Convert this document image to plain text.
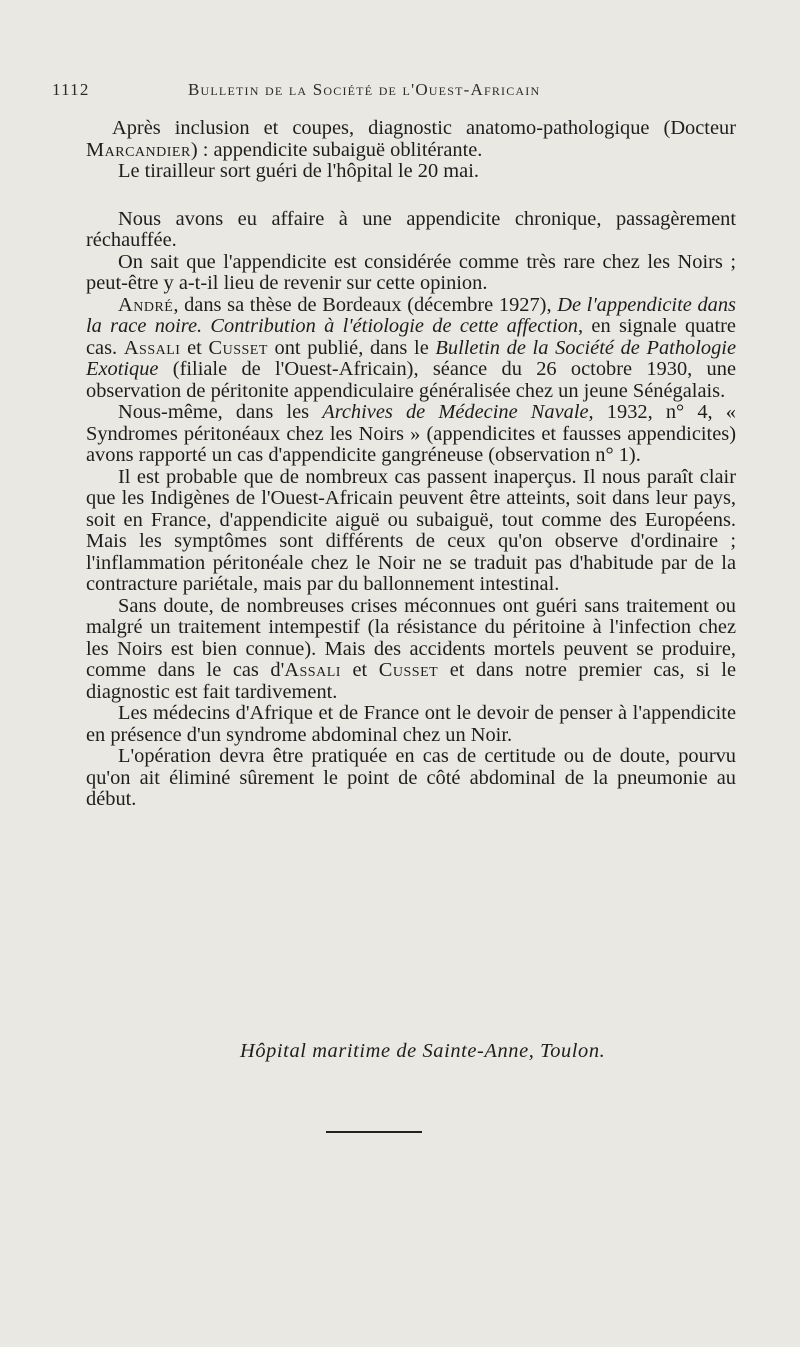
1112	Bulletin de la Société de l'Ouest-Africain

Après inclusion et coupes, diagnostic anatomo-pathologique (Docteur Marcandier) : appendicite subaiguë oblitérante.

Le tirailleur sort guéri de l'hôpital le 20 mai.

Nous avons eu affaire à une appendicite chronique, passagèrement réchauffée.

On sait que l'appendicite est considérée comme très rare chez les Noirs ; peut-être y a-t-il lieu de revenir sur cette opinion.

André, dans sa thèse de Bordeaux (décembre 1927), De l'appendicite dans la race noire. Contribution à l'étiologie de cette affection, en signale quatre cas. Assali et Cusset ont publié, dans le Bulletin de la Société de Pathologie Exotique (filiale de l'Ouest-Africain), séance du 26 octobre 1930, une observation de péritonite appendiculaire généralisée chez un jeune Sénégalais.

Nous-même, dans les Archives de Médecine Navale, 1932, n° 4, « Syndromes péritonéaux chez les Noirs » (appendicites et fausses appendicites) avons rapporté un cas d'appendicite gangréneuse (observation n° 1).

Il est probable que de nombreux cas passent inaperçus. Il nous paraît clair que les Indigènes de l'Ouest-Africain peuvent être atteints, soit dans leur pays, soit en France, d'appendicite aiguë ou subaiguë, tout comme des Européens. Mais les symptômes sont différents de ceux qu'on observe d'ordinaire ; l'inflammation péritonéale chez le Noir ne se traduit pas d'habitude par de la contracture pariétale, mais par du ballonnement intestinal.

Sans doute, de nombreuses crises méconnues ont guéri sans traitement ou malgré un traitement intempestif (la résistance du péritoine à l'infection chez les Noirs est bien connue). Mais des accidents mortels peuvent se produire, comme dans le cas d'Assali et Cusset et dans notre premier cas, si le diagnostic est fait tardivement.

Les médecins d'Afrique et de France ont le devoir de penser à l'appendicite en présence d'un syndrome abdominal chez un Noir.

L'opération devra être pratiquée en cas de certitude ou de doute, pourvu qu'on ait éliminé sûrement le point de côté abdominal de la pneumonie au début.

Hôpital maritime de Sainte-Anne, Toulon.
